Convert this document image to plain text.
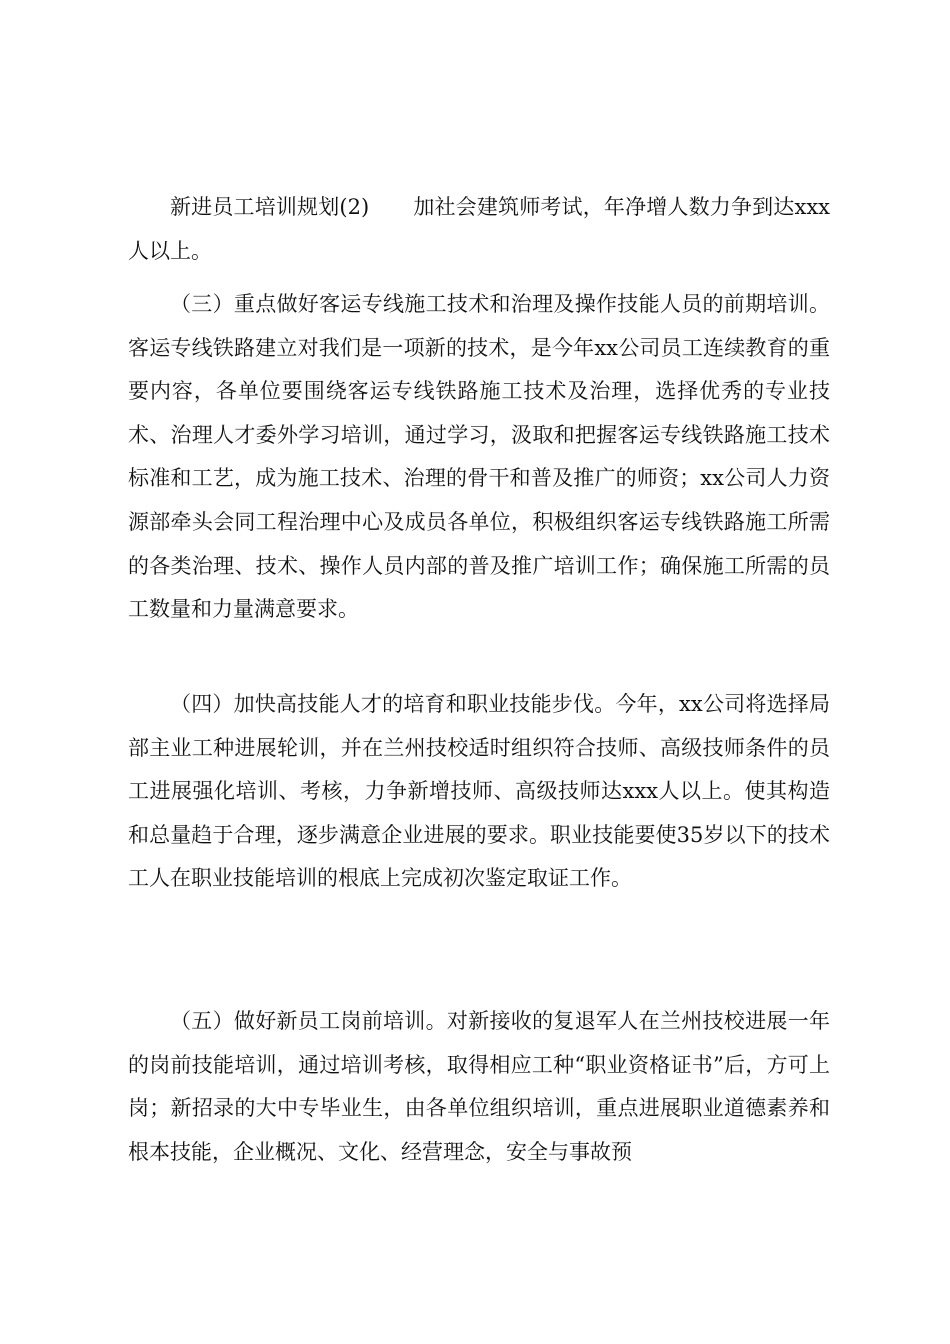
新进员工培训规划(2) 加社会建筑师考试，年净增人数力争到达xxx人以上。

（三）重点做好客运专线施工技术和治理及操作技能人员的前期培训。客运专线铁路建立对我们是一项新的技术，是今年xx公司员工连续教育的重要内容，各单位要围绕客运专线铁路施工技术及治理，选择优秀的专业技术、治理人才委外学习培训，通过学习，汲取和把握客运专线铁路施工技术标准和工艺，成为施工技术、治理的骨干和普及推广的师资；xx公司人力资源部牵头会同工程治理中心及成员各单位，积极组织客运专线铁路施工所需的各类治理、技术、操作人员内部的普及推广培训工作；确保施工所需的员工数量和力量满意要求。

（四）加快高技能人才的培育和职业技能步伐。今年，xx公司将选择局部主业工种进展轮训，并在兰州技校适时组织符合技师、高级技师条件的员工进展强化培训、考核，力争新增技师、高级技师达xxx人以上。使其构造和总量趋于合理，逐步满意企业进展的要求。职业技能要使35岁以下的技术工人在职业技能培训的根底上完成初次鉴定取证工作。

（五）做好新员工岗前培训。对新接收的复退军人在兰州技校进展一年的岗前技能培训，通过培训考核，取得相应工种“职业资格证书”后，方可上岗；新招录的大中专毕业生，由各单位组织培训，重点进展职业道德素养和根本技能，企业概况、文化、经营理念，安全与事故预
